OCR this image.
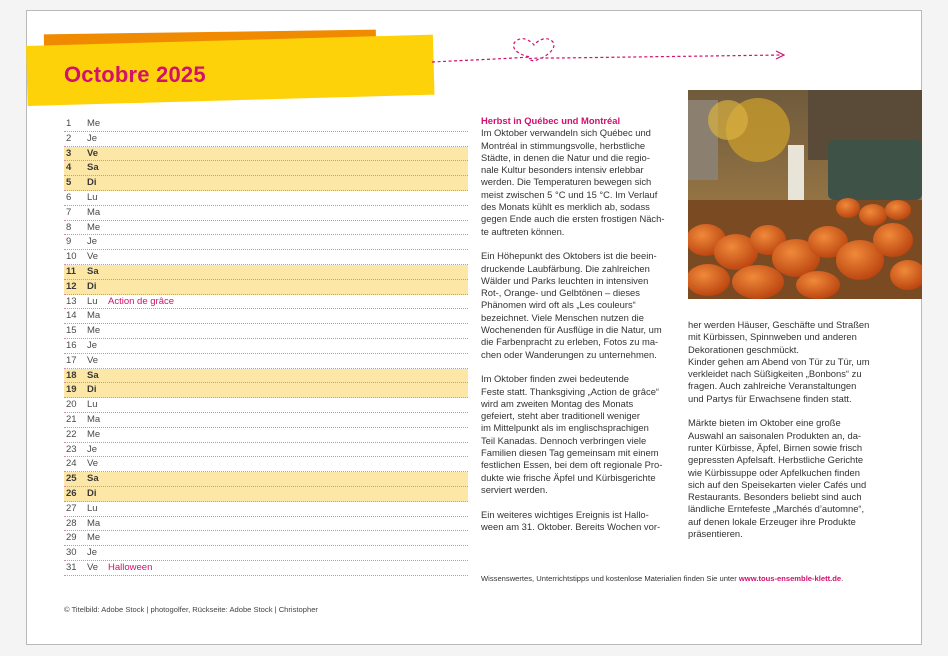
Octobre 2025
1	Me
2	Je
3	Ve
4	Sa
5	Di
6	Lu
7	Ma
8	Me
9	Je
10	Ve
11	Sa
12	Di
13	Lu Action de grâce
14	Ma
15	Me
16	Je
17	Ve
18	Sa
19	Di
20	Lu
21	Ma
22	Me
23	Je
24	Ve
25	Sa
26	Di
27	Lu
28	Ma
29	Me
30	Je
31	Ve Halloween
Herbst in Québec und Montréal

Im Oktober verwandeln sich Québec und
Montréal in stimmungsvolle, herbstliche
Städte, in denen die Natur und die regio-
nale Kultur besonders intensiv erlebbar
werden. Die Temperaturen bewegen sich
meist zwischen 5 °C und 15 °C. Im Verlauf
des Monats kühlt es merklich ab, sodass
gegen Ende auch die ersten frostigen Näch-
te auftreten können.

Ein Höhepunkt des Oktobers ist die beein-
druckende Laubfärbung. Die zahlreichen
Wälder und Parks leuchten in intensiven
Rot-, Orange- und Gelbtönen – dieses
Phänomen wird oft als „Les couleurs“
bezeichnet. Viele Menschen nutzen die
Wochenenden für Ausflüge in die Natur, um
die Farbenpracht zu erleben, Fotos zu ma-
chen oder Wanderungen zu unternehmen.

Im Oktober finden zwei bedeutende
Feste statt. Thanksgiving „Action de grâce“
wird am zweiten Montag des Monats
gefeiert, steht aber traditionell weniger
im Mittelpunkt als im englischsprachigen
Teil Kanadas. Dennoch verbringen viele
Familien diesen Tag gemeinsam mit einem
festlichen Essen, bei dem oft regionale Pro-
dukte wie frische Äpfel und Kürbisgerichte
serviert werden.

Ein weiteres wichtiges Ereignis ist Hallo-
ween am 31. Oktober. Bereits Wochen vor-

her werden Häuser, Geschäfte und Straßen
mit Kürbissen, Spinnweben und anderen
Dekorationen geschmückt.
Kinder gehen am Abend von Tür zu Tür, um
verkleidet nach Süßigkeiten „Bonbons“ zu
fragen. Auch zahlreiche Veranstaltungen
und Partys für Erwachsene finden statt.

Märkte bieten im Oktober eine große
Auswahl an saisonalen Produkten an, da-
runter Kürbisse, Äpfel, Birnen sowie frisch
gepressten Apfelsaft. Herbstliche Gerichte
wie Kürbissuppe oder Apfelkuchen finden
sich auf den Speisekarten vieler Cafés und
Restaurants. Besonders beliebt sind auch
ländliche Erntefeste „Marchés d’automne“,
auf denen lokale Erzeuger ihre Produkte
präsentieren.

Wissenswertes, Unterrichtstipps und kostenlose Materialien finden Sie unter www.tous-ensemble-klett.de.
© Titelbild: Adobe Stock | photogolfer, Rückseite: Adobe Stock | Christopher
